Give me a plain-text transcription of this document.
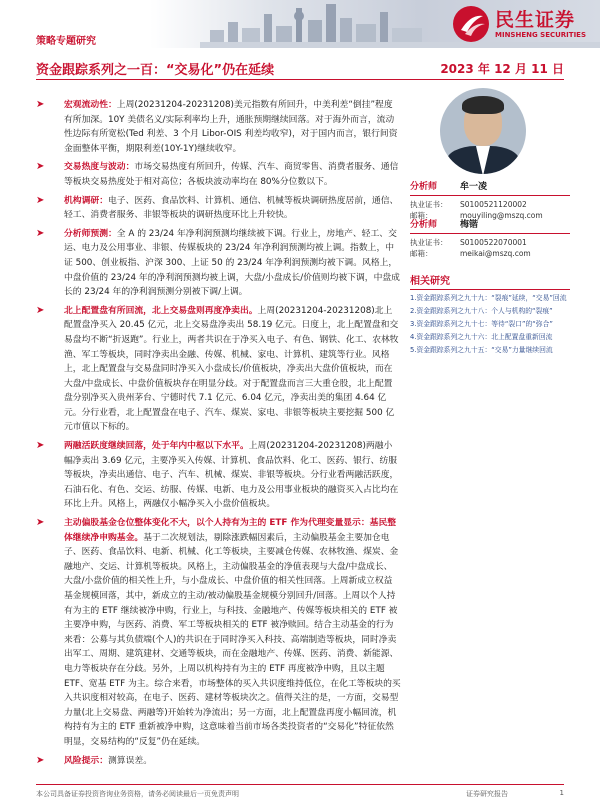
民生证券
MINSHENG SECURITIES
策略专题研究
资金跟踪系列之一百：“交易化”仍在延续	2023 年 12 月 11 日
➤ 宏观流动性：上周(20231204-20231208)美元指数有所回升，中美利差“倒挂”程度有所加深。10Y 美债名义/实际利率均上升，通胀预期继续回落。对于海外而言，流动性边际有所宽松(Ted 利差、3 个月 Libor-OIS 利差均收窄)，对于国内而言，银行间资金面整体平衡，期限利差(10Y-1Y)继续收窄。
➤ 交易热度与波动：市场交易热度有所回升，传媒、汽车、商贸零售、消费者服务、通信等板块交易热度处于相对高位；各板块波动率均在 80%分位数以下。
➤ 机构调研：电子、医药、食品饮料、计算机、通信、机械等板块调研热度居前，通信、轻工、消费者服务、非银等板块的调研热度环比上升较快。
➤ 分析师预测：全 A 的 23/24 年净利润预测均继续被下调。行业上，房地产、轻工、交运、电力及公用事业、非银、传媒板块的 23/24 年净利润预测均被上调。指数上，中证 500、创业板指、沪深 300、上证 50 的 23/24 年净利润预测均被下调。风格上，中盘价值的 23/24 年的净利润预测均被上调，大盘/小盘成长/价值则均被下调，中盘成长的 23/24 年的净利润预测分别被下调/上调。
➤ 北上配置盘有所回流，北上交易盘则再度净卖出。上周(20231204-20231208)北上配置盘净买入 20.45 亿元，北上交易盘净卖出 58.19 亿元。日度上，北上配置盘和交易盘均不断“折返跑”。行业上，两者共识在于净买入电子、有色、钢铁、化工、农林牧渔、军工等板块，同时净卖出金融、传媒、机械、家电、计算机、建筑等行业。风格上，北上配置盘与交易盘同时净买入小盘成长/价值板块，净卖出大盘价值板块，而在大盘/中盘成长、中盘价值板块存在明显分歧。对于配置盘而言三大重仓股，北上配置盘分别净买入贵州茅台、宁德时代 7.1 亿元、6.04 亿元，净卖出美的集团 4.64 亿元。分行业看，北上配置盘在电子、汽车、煤炭、家电、非银等板块主要挖掘 500 亿元市值以下标的。
➤ 两融活跃度继续回落，处于年内中枢以下水平。上周(20231204-20231208)两融小幅净卖出 3.69 亿元，主要净买入传媒、计算机、食品饮料、化工、医药、银行、纺服等板块，净卖出通信、电子、汽车、机械、煤炭、非银等板块。分行业看两融活跃度，石油石化、有色、交运、纺服、传媒、电新、电力及公用事业板块的融资买入占比均在环比上升。风格上，两融仅小幅净买入小盘价值板块。
➤ 主动偏股基金仓位整体变化不大，以个人持有为主的 ETF 作为代理变量显示：基民整体继续净申购基金。基于二次规划法，剔除涨跌幅因素后，主动偏股基金主要加仓电子、医药、食品饮料、电新、机械、化工等板块，主要减仓传媒、农林牧渔、煤炭、金融地产、交运、计算机等板块。风格上，主动偏股基金的净值表现与大盘/中盘成长、大盘/小盘价值的相关性上升，与小盘成长、中盘价值的相关性回落。上周新成立权益基金规模回落，其中，新成立的主动/被动偏股基金规模分别回升/回落。上周以个人持有为主的 ETF 继续被净申购，行业上，与科技、金融地产、传媒等板块相关的 ETF 被主要净申购，与医药、消费、军工等板块相关的 ETF 被净赎回。结合主动基金的行为来看：公募与其负债端(个人)的共识在于同时净买入科技、高端制造等板块，同时净卖出军工、周期、建筑建材、交通等板块，而在金融地产、传媒、医药、消费、新能源、电力等板块存在分歧。另外，上周以机构持有为主的 ETF 再度被净申购，且以主题 ETF、宽基 ETF 为主。综合来看，市场整体的买入共识度维持低位，在化工等板块的买入共识度相对较高，在电子、医药、建材等板块次之。值得关注的是，一方面，交易型力量(北上交易盘、两融等)开始转为净流出；另一方面，北上配置盘再度小幅回流，机构持有为主的 ETF 重新被净申购，这意味着当前市场各类投资者的“交易化”特征依然明显，交易结构的“反复”仍在延续。
➤ 风险提示：测算误差。
分析师	牟一凌
执业证书：	S0100521120002
邮箱：	mouyiling@mszq.com
分析师	梅锴
执业证书：	S0100522070001
邮箱：	meikai@mszq.com
相关研究
1.资金跟踪系列之九十九：“裂痕”延续，“交易”回流
2.资金跟踪系列之九十八：个人与机构的“裂痕”
3.资金跟踪系列之九十七：等待“裂口”的“弥合”
4.资金跟踪系列之九十六：北上配置盘重新回流
5.资金跟踪系列之九十五：“交易”力量继续回流
本公司具备证券投资咨询业务资格，请务必阅读最后一页免责声明	证券研究报告	1
